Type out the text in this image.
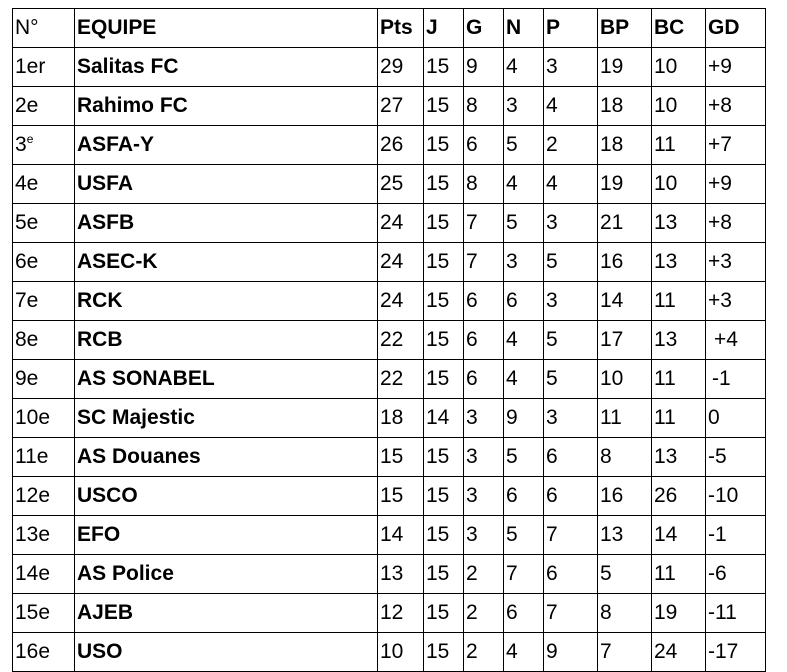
N°	EQUIPE	Pts	J	G	N	P	BP	BC	GD
1er	Salitas FC	29	15	9	4	3	19	10	+9
2e	Rahimo FC	27	15	8	3	4	18	10	+8
3e	ASFA-Y	26	15	6	5	2	18	11	+7
4e	USFA	25	15	8	4	4	19	10	+9
5e	ASFB	24	15	7	5	3	21	13	+8
6e	ASEC-K	24	15	7	3	5	16	13	+3
7e	RCK	24	15	6	6	3	14	11	+3
8e	RCB	22	15	6	4	5	17	13	+4
9e	AS SONABEL	22	15	6	4	5	10	11	-1
10e	SC Majestic	18	14	3	9	3	11	11	0
11e	AS Douanes	15	15	3	5	6	8	13	-5
12e	USCO	15	15	3	6	6	16	26	-10
13e	EFO	14	15	3	5	7	13	14	-1
14e	AS Police	13	15	2	7	6	5	11	-6
15e	AJEB	12	15	2	6	7	8	19	-11
16e	USO	10	15	2	4	9	7	24	-17
